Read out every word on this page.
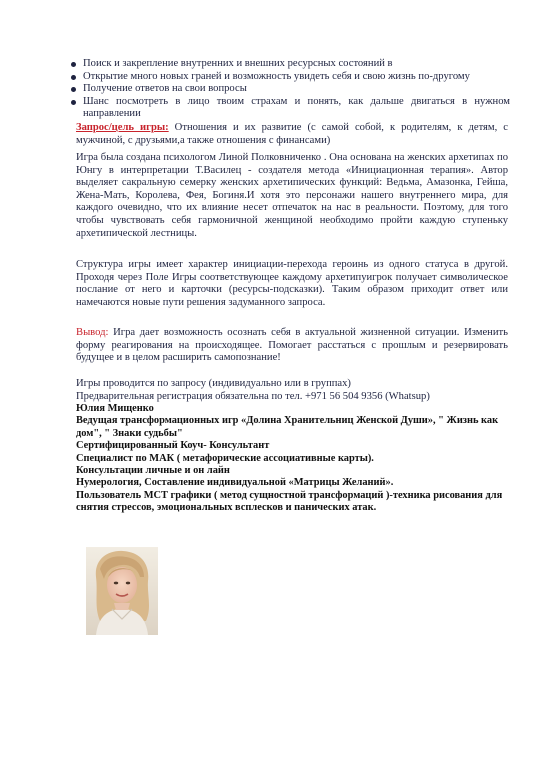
Поиск и закрепление внутренних и внешних ресурсных состояний в
Открытие много новых граней и возможность увидеть себя и свою жизнь по-другому
Получение ответов на свои вопросы
Шанс посмотреть в лицо твоим страхам и понять, как дальше двигаться в нужном направлении

Запрос/цель игры: Отношения и их развитие (с самой собой, к родителям, к детям, с мужчиной, с друзьями,а также отношения с финансами)

Игра была создана психологом Линой Полковниченко . Она основана на женских архетипах по Юнгу в интерпретации Т.Василец - создателя метода «Инициационная терапия». Автор выделяет сакральную семерку женских архетипических функций: Ведьма, Амазонка, Гейша, Жена-Мать, Королева, Фея, Богиня.И хотя это персонажи нашего внутреннего мира, для каждого очевидно, что их влияние несет отпечаток на нас в реальности. Поэтому, для того чтобы чувствовать себя гармоничной женщиной необходимо пройти каждую ступеньку архетипической лестницы.

Структура игры имеет характер инициации-перехода героинь из одного статуса в другой. Проходя через Поле Игры соответствующее каждому архетипуигрок получает символическое послание от него и карточки (ресурсы-подсказки). Таким образом приходит ответ или намечаются новые пути решения задуманного запроса.

Вывод: Игра дает возможность осознать себя в актуальной жизненной ситуации. Изменить форму реагирования на происходящее. Помогает расстаться с прошлым и резервировать будущее и в целом расширить самопознание!

Игры проводится по запросу (индивидуально или в группах)

Предварительная регистрация обязательна по тел. +971 56 504 9356 (Whatsup)

Юлия Мищенко
Ведущая трансформационных игр «Долина Хранительниц Женской Души», " Жизнь как дом", " Знаки судьбы"
Сертифицированный Коуч- Консультант
Специалист по МАК ( метафорические ассоциативные карты).
Консультации личные и он лайн
Нумерология, Составление индивидуальной «Матрицы Желаний».
Пользователь МСТ графики ( метод сущностной трансформаций )-техника рисования для снятия стрессов, эмоциональных всплесков и панических атак.
